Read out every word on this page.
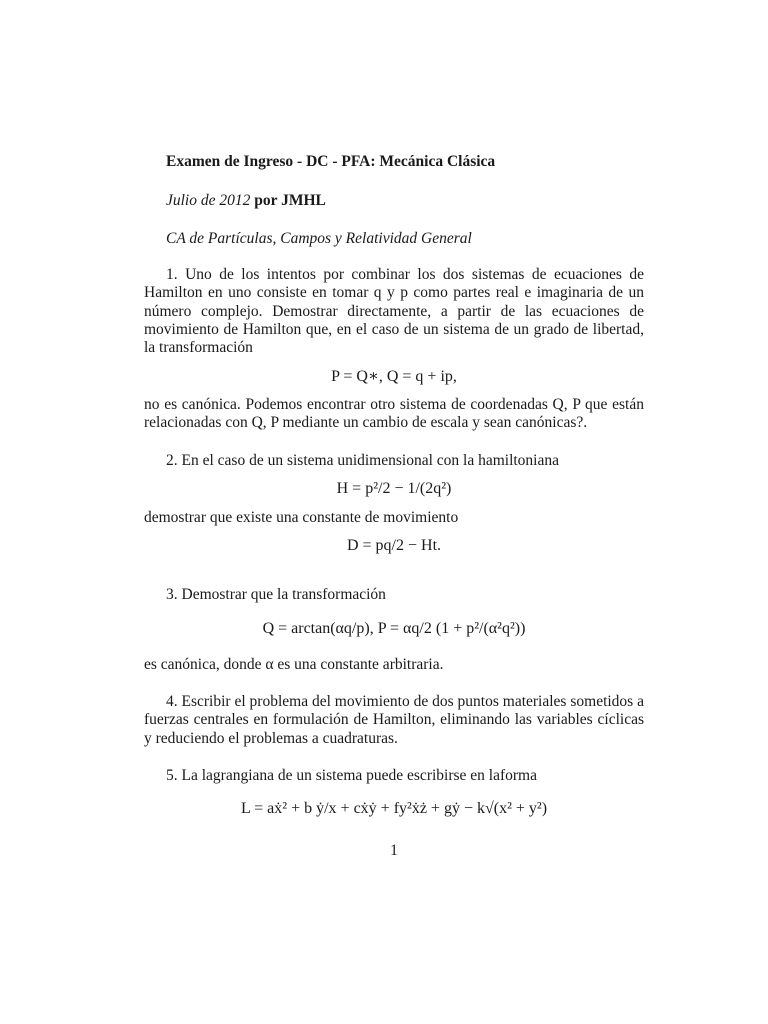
Examen de Ingreso - DC - PFA: Mecánica Clásica
Julio de 2012 por JMHL
CA de Partículas, Campos y Relatividad General
1. Uno de los intentos por combinar los dos sistemas de ecuaciones de Hamilton en uno consiste en tomar q y p como partes real e imaginaria de un número complejo. Demostrar directamente, a partir de las ecuaciones de movimiento de Hamilton que, en el caso de un sistema de un grado de libertad, la transformación
P = Q∗, Q = q + ip,
no es canónica. Podemos encontrar otro sistema de coordenadas Q, P que están relacionadas con Q, P mediante un cambio de escala y sean canónicas?.
2. En el caso de un sistema unidimensional con la hamiltoniana
H = p²/2 − 1/(2q²)
demostrar que existe una constante de movimiento
D = pq/2 − Ht.
3. Demostrar que la transformación
Q = arctan(αq/p), P = αq/2 (1 + p²/(α²q²))
es canónica, donde α es una constante arbitraria.
4. Escribir el problema del movimiento de dos puntos materiales sometidos a fuerzas centrales en formulación de Hamilton, eliminando las variables cíclicas y reduciendo el problemas a cuadraturas.
5. La lagrangiana de un sistema puede escribirse en laforma
L = aẋ² + b ẏ/x + cẋẏ + fy²ẋż + gẏ − k√(x² + y²)
1
